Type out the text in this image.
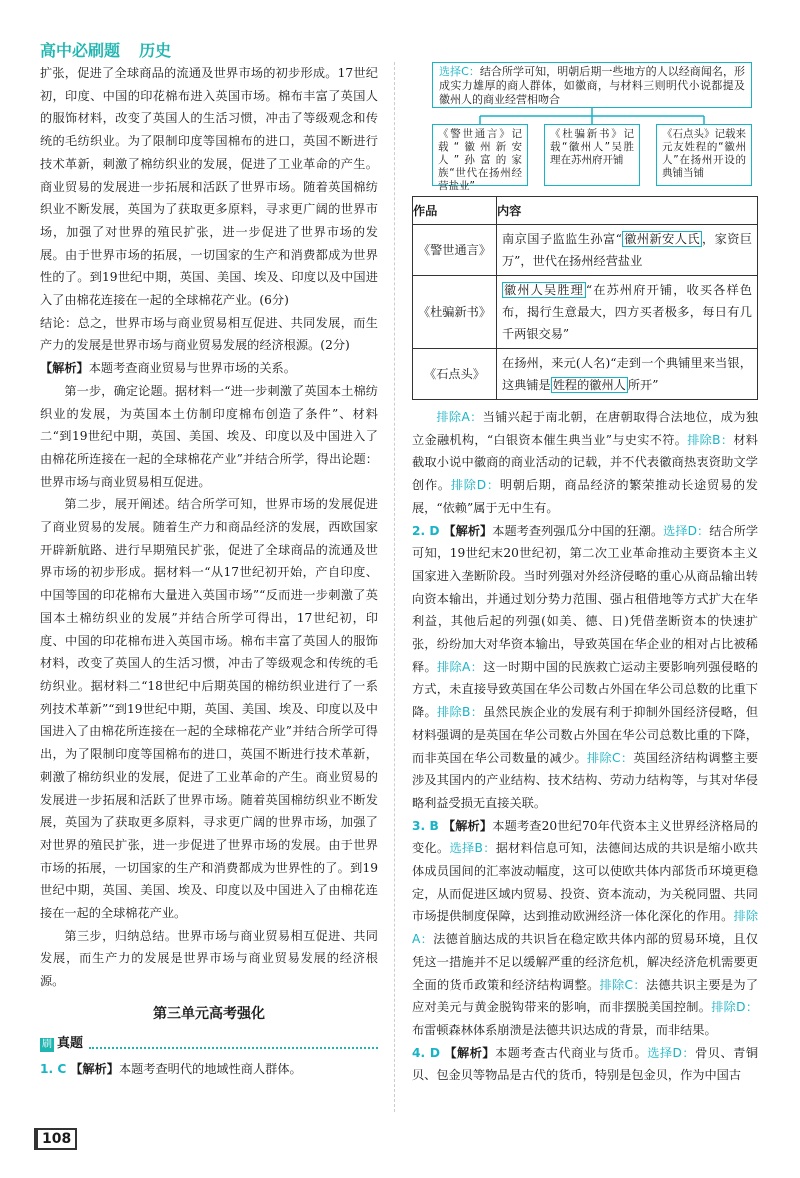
高中必刷题 历史

扩张，促进了全球商品的流通及世界市场的初步形成。17世纪初，印度、中国的印花棉布进入英国市场。棉布丰富了英国人的服饰材料，改变了英国人的生活习惯，冲击了等级观念和传统的毛纺织业。为了限制印度等国棉布的进口，英国不断进行技术革新，刺激了棉纺织业的发展，促进了工业革命的产生。商业贸易的发展进一步拓展和活跃了世界市场。随着英国棉纺织业不断发展，英国为了获取更多原料，寻求更广阔的世界市场，加强了对世界的殖民扩张，进一步促进了世界市场的发展。由于世界市场的拓展，一切国家的生产和消费都成为世界性的了。到19世纪中期，英国、美国、埃及、印度以及中国进入了由棉花连接在一起的全球棉花产业。(6分)

结论：总之，世界市场与商业贸易相互促进、共同发展，而生产力的发展是世界市场与商业贸易发展的经济根源。(2分)

【解析】本题考查商业贸易与世界市场的关系。

第一步，确定论题。据材料一“进一步刺激了英国本土棉纺织业的发展，为英国本土仿制印度棉布创造了条件”、材料二“到19世纪中期，英国、美国、埃及、印度以及中国进入了由棉花所连接在一起的全球棉花产业”并结合所学，得出论题：世界市场与商业贸易相互促进。

第二步，展开阐述。结合所学可知，世界市场的发展促进了商业贸易的发展。随着生产力和商品经济的发展，西欧国家开辟新航路、进行早期殖民扩张，促进了全球商品的流通及世界市场的初步形成。据材料一“从17世纪初开始，产自印度、中国等国的印花棉布大量进入英国市场”“反而进一步刺激了英国本土棉纺织业的发展”并结合所学可得出，17世纪初，印度、中国的印花棉布进入英国市场。棉布丰富了英国人的服饰材料，改变了英国人的生活习惯，冲击了等级观念和传统的毛纺织业。据材料二“18世纪中后期英国的棉纺织业进行了一系列技术革新”“到19世纪中期，英国、美国、埃及、印度以及中国进入了由棉花所连接在一起的全球棉花产业”并结合所学可得出，为了限制印度等国棉布的进口，英国不断进行技术革新，刺激了棉纺织业的发展，促进了工业革命的产生。商业贸易的发展进一步拓展和活跃了世界市场。随着英国棉纺织业不断发展，英国为了获取更多原料，寻求更广阔的世界市场，加强了对世界的殖民扩张，进一步促进了世界市场的发展。由于世界市场的拓展，一切国家的生产和消费都成为世界性的了。到19世纪中期，英国、美国、埃及、印度以及中国进入了由棉花连接在一起的全球棉花产业。

第三步，归纳总结。世界市场与商业贸易相互促进、共同发展，而生产力的发展是世界市场与商业贸易发展的经济根源。

第三单元高考强化
刷 真题

1. C 【解析】本题考查明代的地域性商人群体。

108
选择C：结合所学可知，明朝后期一些地方的人以经商闻名，形成实力雄厚的商人群体，如徽商，与材料三则明代小说都提及徽州人的商业经营相吻合
《警世通言》记载“徽州新安人”孙富的家族“世代在扬州经营盐业”
《杜骗新书》记载“徽州人”吴胜理在苏州府开铺
《石点头》记载来元友姓程的“徽州人”在扬州开设的典铺当铺
作品	内容
《警世通言》	南京国子监监生孙富“ 徽州新安人氏 ，家资巨万”，世代在扬州经营盐业
《杜骗新书》	徽州人吴胜理 “在苏州府开铺，收买各样色布，揭行生意最大，四方买者极多，每日有几千两银交易”
《石点头》	在扬州，来元(人名)“走到一个典铺里来当银，这典铺是 姓程的徽州人 所开”

排除A：当铺兴起于南北朝，在唐朝取得合法地位，成为独立金融机构，“白银资本催生典当业”与史实不符。排除B：材料截取小说中徽商的商业活动的记载，并不代表徽商热衷资助文学创作。排除D：明朝后期，商品经济的繁荣推动长途贸易的发展，“依赖”属于无中生有。

2. D 【解析】本题考查列强瓜分中国的狂潮。选择D：结合所学可知，19世纪末20世纪初，第二次工业革命推动主要资本主义国家进入垄断阶段。当时列强对外经济侵略的重心从商品输出转向资本输出，并通过划分势力范围、强占租借地等方式扩大在华利益，其他后起的列强(如美、德、日)凭借垄断资本的快速扩张，纷纷加大对华资本输出，导致英国在华企业的相对占比被稀释。排除A：这一时期中国的民族救亡运动主要影响列强侵略的方式，未直接导致英国在华公司数占外国在华公司总数的比重下降。排除B：虽然民族企业的发展有利于抑制外国经济侵略，但材料强调的是英国在华公司数占外国在华公司总数比重的下降，而非英国在华公司数量的减少。排除C：英国经济结构调整主要涉及其国内的产业结构、技术结构、劳动力结构等，与其对华侵略利益受损无直接关联。

3. B 【解析】本题考查20世纪70年代资本主义世界经济格局的变化。选择B：据材料信息可知，法德间达成的共识是缩小欧共体成员国间的汇率波动幅度，这可以使欧共体内部货币环境更稳定，从而促进区域内贸易、投资、资本流动，为关税同盟、共同市场提供制度保障，达到推动欧洲经济一体化深化的作用。排除A：法德首脑达成的共识旨在稳定欧共体内部的贸易环境，且仅凭这一措施并不足以缓解严重的经济危机，解决经济危机需要更全面的货币政策和经济结构调整。排除C：法德共识主要是为了应对美元与黄金脱钩带来的影响，而非摆脱美国控制。排除D：布雷顿森林体系崩溃是法德共识达成的背景，而非结果。

4. D 【解析】本题考查古代商业与货币。选择D：骨贝、青铜贝、包金贝等物品是古代的货币，特别是包金贝，作为中国古
